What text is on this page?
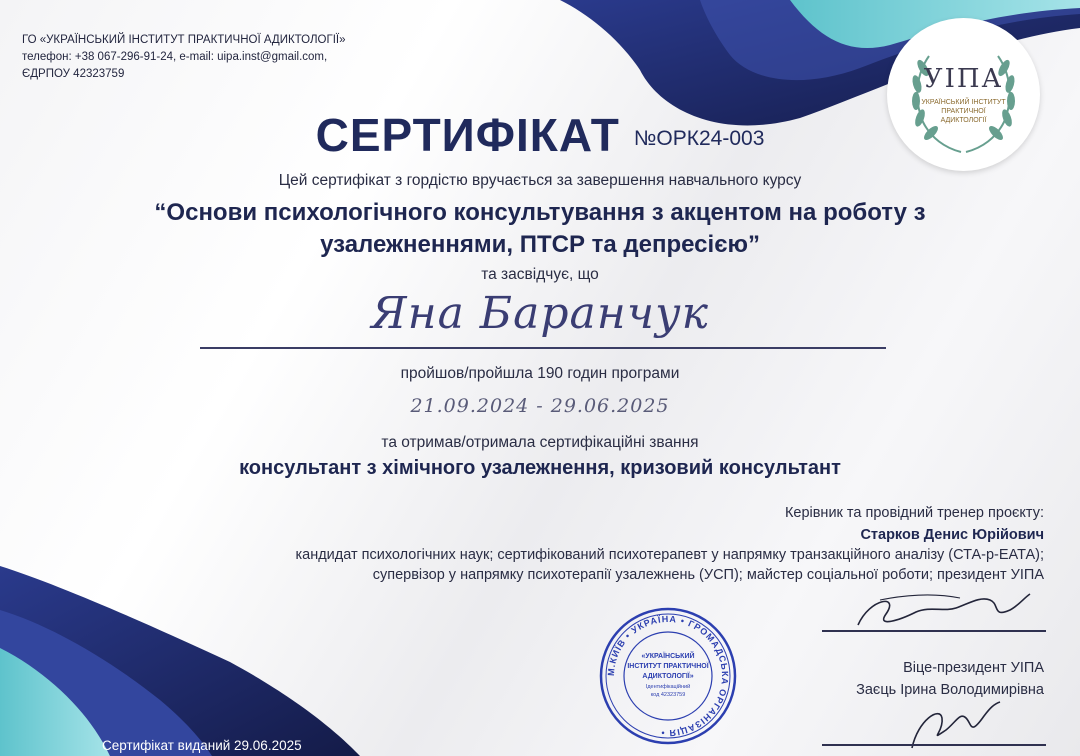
ГО «УКРАЇНСЬКИЙ ІНСТИТУТ ПРАКТИЧНОЇ АДИКТОЛОГІЇ»
телефон: +38 067-296-91-24, e-mail: uipa.inst@gmail.com,
ЄДРПОУ 42323759	УІПА
УКРАЇНСЬКИЙ ІНСТИТУТ
ПРАКТИЧНОЇ АДИКТОЛОГІЇ
СЕРТИФІКАТ №ОРК24-003
Цей сертифікат з гордістю вручається за завершення навчального курсу
“Основи психологічного консультування з акцентом на роботу з
узалежненнями, ПТСР та депресією”
та засвідчує, що
Яна Баранчук
пройшов/пройшла 190 годин програми
21.09.2024 - 29.06.2025
та отримав/отримала сертифікаційні звання
консультант з хімічного узалежнення, кризовий консультант
Керівник та провідний тренер проєкту:
Старков Денис Юрійович
кандидат психологічних наук; сертифікований психотерапевт у напрямку транзакційного аналізу (СТА-р-ЕАТА);
супервізор у напрямку психотерапії узалежнень (УСП); майстер соціальної роботи; президент УІПА
Віце-президент УІПА
Заєць Ірина Володимирівна
М.КИЇВ • УКРАЇНА • ГРОМАДСЬКА ОРГАНІЗАЦІЯ •
«УКРАЇНСЬКИЙ
ІНСТИТУТ ПРАКТИЧНОЇ
АДИКТОЛОГІЇ»
Ідентифікаційний
код 42323759
Сертифікат виданий 29.06.2025
